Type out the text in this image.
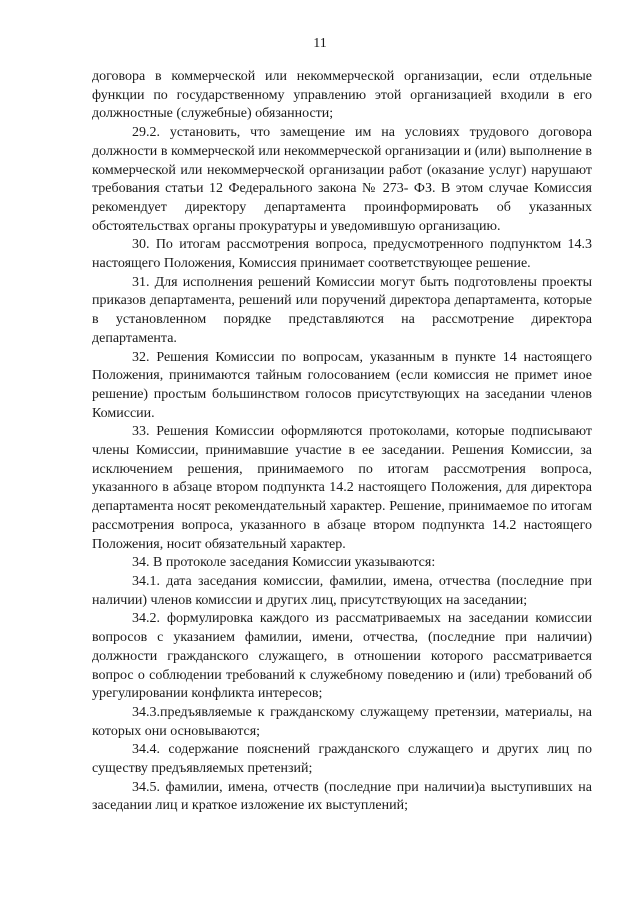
11

договора в коммерческой или некоммерческой организации, если отдельные функции по государственному управлению этой организацией входили в его должностные (служебные) обязанности;

29.2. установить, что замещение им на условиях трудового договора должности в коммерческой или некоммерческой организации и (или) выполнение в коммерческой или некоммерческой организации работ (оказание услуг) нарушают требования статьи 12 Федерального закона № 273- ФЗ. В этом случае Комиссия рекомендует директору департамента проинформировать об указанных обстоятельствах органы прокуратуры и уведомившую организацию.

30. По итогам рассмотрения вопроса, предусмотренного подпунктом 14.3 настоящего Положения, Комиссия принимает соответствующее решение.

31. Для исполнения решений Комиссии могут быть подготовлены проекты приказов департамента, решений или поручений директора департамента, которые в установленном порядке представляются на рассмотрение директора департамента.

32. Решения Комиссии по вопросам, указанным в пункте 14 настоящего Положения, принимаются тайным голосованием (если комиссия не примет иное решение) простым большинством голосов присутствующих на заседании членов Комиссии.

33. Решения Комиссии оформляются протоколами, которые подписывают члены Комиссии, принимавшие участие в ее заседании. Решения Комиссии, за исключением решения, принимаемого по итогам рассмотрения вопроса, указанного в абзаце втором подпункта 14.2 настоящего Положения, для директора департамента носят рекомендательный характер. Решение, принимаемое по итогам рассмотрения вопроса, указанного в абзаце втором подпункта 14.2 настоящего Положения, носит обязательный характер.

34. В протоколе заседания Комиссии указываются:

34.1. дата заседания комиссии, фамилии, имена, отчества (последние при наличии) членов комиссии и других лиц, присутствующих на заседании;

34.2. формулировка каждого из рассматриваемых на заседании комиссии вопросов с указанием фамилии, имени, отчества, (последние при наличии) должности гражданского служащего, в отношении которого рассматривается вопрос о соблюдении требований к служебному поведению и (или) требований об урегулировании конфликта интересов;

34.3.предъявляемые к гражданскому служащему претензии, материалы, на которых они основываются;

34.4. содержание пояснений гражданского служащего и других лиц по существу предъявляемых претензий;

34.5. фамилии, имена, отчеств (последние при наличии)а выступивших на заседании лиц и краткое изложение их выступлений;
